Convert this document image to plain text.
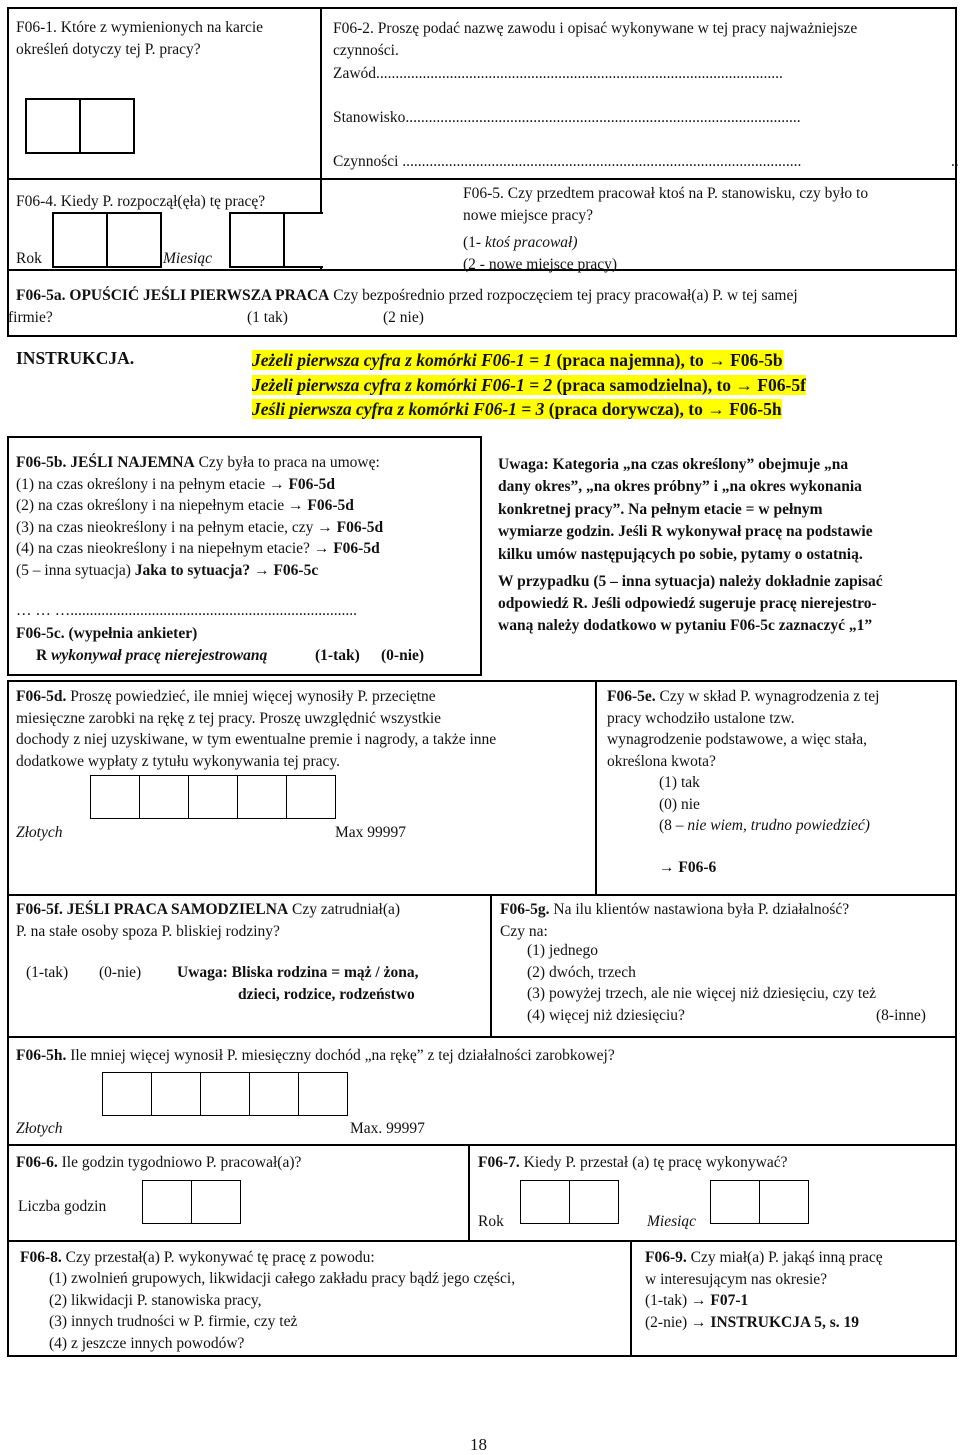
F06-1. Które z wymienionych na karcie
określeń dotyczy tej P. pracy?
F06-2. Proszę podać nazwę zawodu i opisać wykonywane w tej pracy najważniejsze
czynności.
Zawód.........................................................................................................
Stanowisko......................................................................................................
Czynności .......................................................................................................	..
F06-4. Kiedy P. rozpoczął(ęła) tę pracę?
Rok	Miesiąc
F06-5. Czy przedtem pracował ktoś na P. stanowisku, czy było to
nowe miejsce pracy?
(1- ktoś pracował)
(2 - nowe miejsce pracy)
F06-5a. OPUŚCIĆ JEŚLI PIERWSZA PRACA Czy bezpośrednio przed rozpoczęciem tej pracy pracował(a) P. w tej samej
firmie?	(1 tak)	(2 nie)
INSTRUKCJA.	Jeżeli pierwsza cyfra z komórki F06-1 = 1 (praca najemna), to → F06-5b
Jeżeli pierwsza cyfra z komórki F06-1 = 2 (praca samodzielna), to → F06-5f
Jeśli pierwsza cyfra z komórki F06-1 = 3 (praca dorywcza), to → F06-5h
F06-5b. JEŚLI NAJEMNA Czy była to praca na umowę:
(1) na czas określony i na pełnym etacie → F06-5d
(2) na czas określony i na niepełnym etacie → F06-5d
(3) na czas nieokreślony i na pełnym etacie, czy → F06-5d
(4) na czas nieokreślony i na niepełnym etacie? → F06-5d
(5 – inna sytuacja) Jaka to sytuacja? → F06-5c
… … …..........................................................................
F06-5c. (wypełnia ankieter)
R wykonywał pracę nierejestrowaną	(1-tak) (0-nie)
Uwaga: Kategoria „na czas określony” obejmuje „na
dany okres”, „na okres próbny” i „na okres wykonania
konkretnej pracy”. Na pełnym etacie = w pełnym
wymiarze godzin. Jeśli R wykonywał pracę na podstawie
kilku umów następujących po sobie, pytamy o ostatnią.
W przypadku (5 – inna sytuacja) należy dokładnie zapisać
odpowiedź R. Jeśli odpowiedź sugeruje pracę nierejestro-
waną należy dodatkowo w pytaniu F06-5c zaznaczyć „1”
F06-5d. Proszę powiedzieć, ile mniej więcej wynosiły P. przeciętne
miesięczne zarobki na rękę z tej pracy. Proszę uwzględnić wszystkie
dochody z niej uzyskiwane, w tym ewentualne premie i nagrody, a także inne
dodatkowe wypłaty z tytułu wykonywania tej pracy.
Złotych	Max 99997
F06-5e. Czy w skład P. wynagrodzenia z tej
pracy wchodziło ustalone tzw.
wynagrodzenie podstawowe, a więc stała,
określona kwota?
(1) tak
(0) nie
(8 – nie wiem, trudno powiedzieć)
→ F06-6
F06-5f. JEŚLI PRACA SAMODZIELNA Czy zatrudniał(a)
P. na stałe osoby spoza P. bliskiej rodziny?
(1-tak) (0-nie) Uwaga: Bliska rodzina = mąż / żona,
dzieci, rodzice, rodzeństwo
F06-5g. Na ilu klientów nastawiona była P. działalność?
Czy na:
(1) jednego
(2) dwóch, trzech
(3) powyżej trzech, ale nie więcej niż dziesięciu, czy też
(4) więcej niż dziesięciu?	(8-inne)
F06-5h. Ile mniej więcej wynosił P. miesięczny dochód „na rękę” z tej działalności zarobkowej?
Złotych	Max. 99997
F06-6. Ile godzin tygodniowo P. pracował(a)?
Liczba godzin
F06-7. Kiedy P. przestał (a) tę pracę wykonywać?
Rok	Miesiąc
F06-8. Czy przestał(a) P. wykonywać tę pracę z powodu:
(1) zwolnień grupowych, likwidacji całego zakładu pracy bądź jego części,
(2) likwidacji P. stanowiska pracy,
(3) innych trudności w P. firmie, czy też
(4) z jeszcze innych powodów?
F06-9. Czy miał(a) P. jakąś inną pracę
w interesującym nas okresie?
(1-tak) → F07-1
(2-nie) → INSTRUKCJA 5, s. 19
18
